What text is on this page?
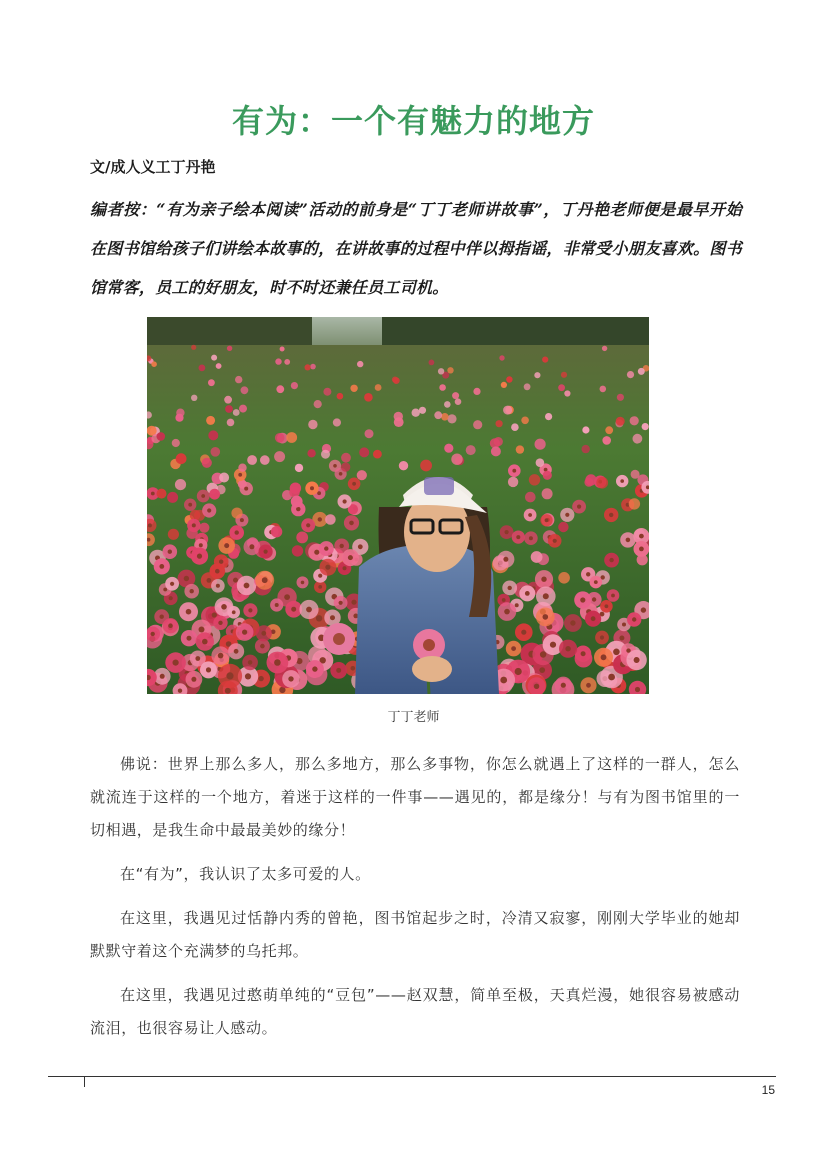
有为：一个有魅力的地方
文/成人义工丁丹艳
编者按：“有为亲子绘本阅读”活动的前身是“丁丁老师讲故事”，丁丹艳老师便是最早开始在图书馆给孩子们讲绘本故事的，在讲故事的过程中伴以拇指谣，非常受小朋友喜欢。图书馆常客，员工的好朋友，时不时还兼任员工司机。
丁丁老师

佛说：世界上那么多人，那么多地方，那么多事物，你怎么就遇上了这样的一群人，怎么就流连于这样的一个地方，着迷于这样的一件事——遇见的，都是缘分！与有为图书馆里的一切相遇，是我生命中最最美妙的缘分！

在“有为”，我认识了太多可爱的人。

在这里，我遇见过恬静内秀的曾艳，图书馆起步之时，冷清又寂寥，刚刚大学毕业的她却默默守着这个充满梦的乌托邦。

在这里，我遇见过憨萌单纯的“豆包”——赵双慧，简单至极，天真烂漫，她很容易被感动流泪，也很容易让人感动。

15
